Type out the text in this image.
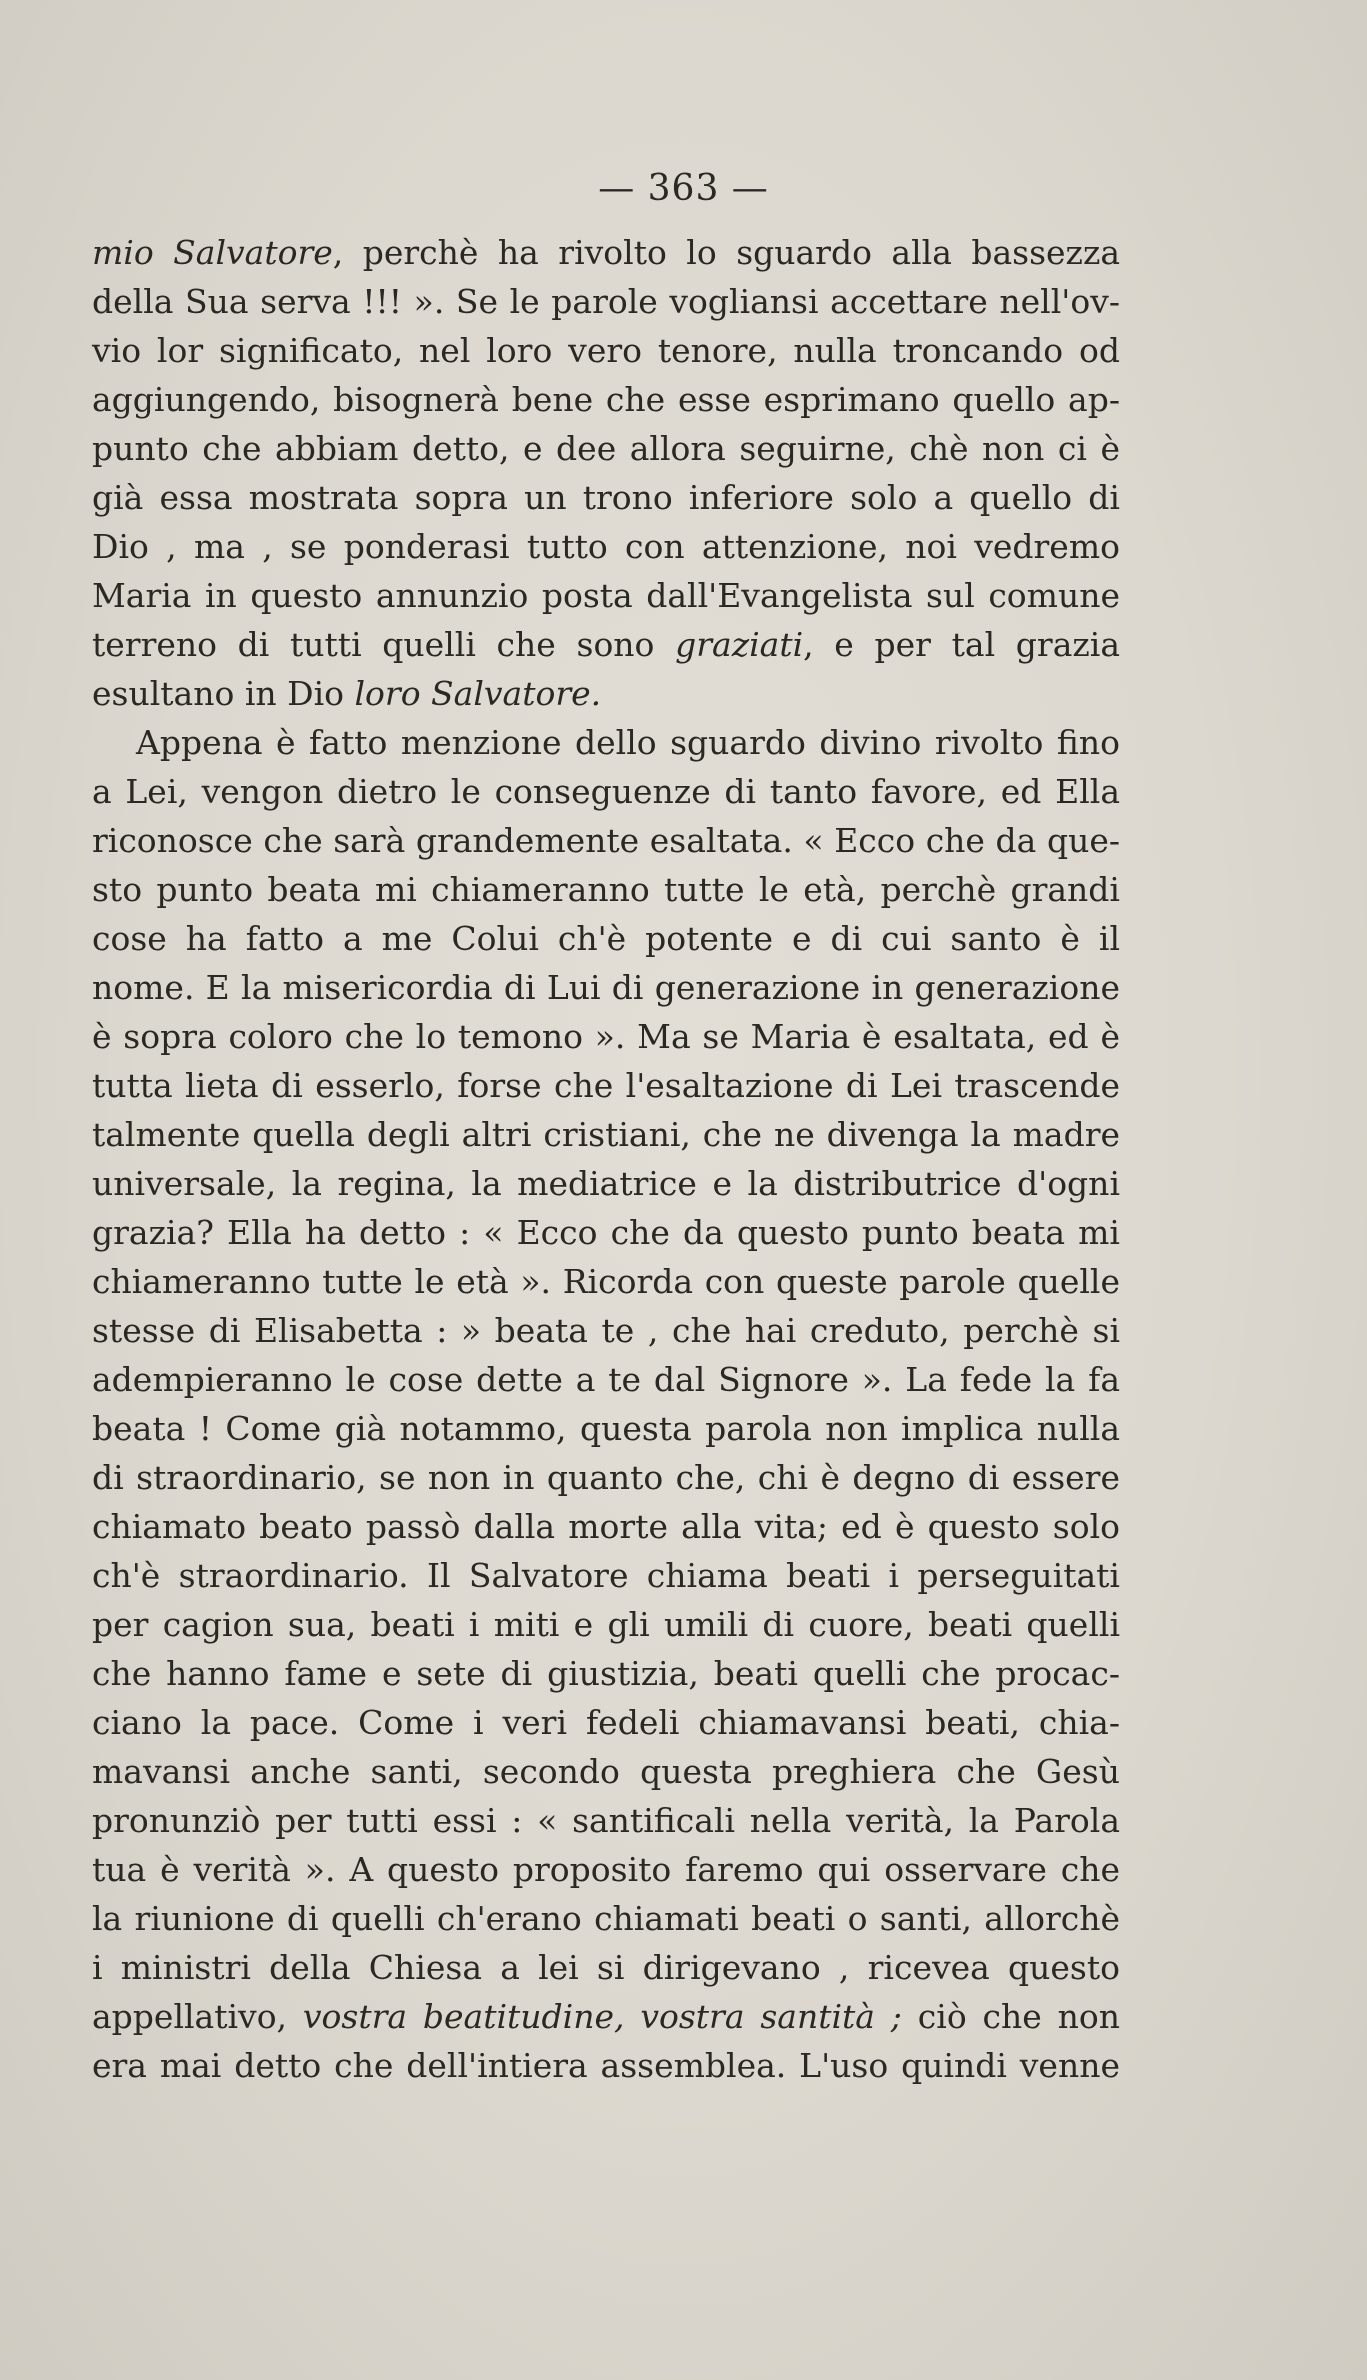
— 363 —
mio Salvatore, perchè ha rivolto lo sguardo alla bassezza
della Sua serva !!! ». Se le parole vogliansi accettare nell'ov-
vio lor significato, nel loro vero tenore, nulla troncando od
aggiungendo, bisognerà bene che esse esprimano quello ap-
punto che abbiam detto, e dee allora seguirne, chè non ci è
già essa mostrata sopra un trono inferiore solo a quello di
Dio , ma , se ponderasi tutto con attenzione, noi vedremo
Maria in questo annunzio posta dall'Evangelista sul comune
terreno di tutti quelli che sono graziati, e per tal grazia
esultano in Dio loro Salvatore.
Appena è fatto menzione dello sguardo divino rivolto fino
a Lei, vengon dietro le conseguenze di tanto favore, ed Ella
riconosce che sarà grandemente esaltata. « Ecco che da que-
sto punto beata mi chiameranno tutte le età, perchè grandi
cose ha fatto a me Colui ch'è potente e di cui santo è il
nome. E la misericordia di Lui di generazione in generazione
è sopra coloro che lo temono ». Ma se Maria è esaltata, ed è
tutta lieta di esserlo, forse che l'esaltazione di Lei trascende
talmente quella degli altri cristiani, che ne divenga la madre
universale, la regina, la mediatrice e la distributrice d'ogni
grazia? Ella ha detto : « Ecco che da questo punto beata mi
chiameranno tutte le età ». Ricorda con queste parole quelle
stesse di Elisabetta : » beata te , che hai creduto, perchè si
adempieranno le cose dette a te dal Signore ». La fede la fa
beata ! Come già notammo, questa parola non implica nulla
di straordinario, se non in quanto che, chi è degno di essere
chiamato beato passò dalla morte alla vita; ed è questo solo
ch'è straordinario. Il Salvatore chiama beati i perseguitati
per cagion sua, beati i miti e gli umili di cuore, beati quelli
che hanno fame e sete di giustizia, beati quelli che procac-
ciano la pace. Come i veri fedeli chiamavansi beati, chia-
mavansi anche santi, secondo questa preghiera che Gesù
pronunziò per tutti essi : « santificali nella verità, la Parola
tua è verità ». A questo proposito faremo qui osservare che
la riunione di quelli ch'erano chiamati beati o santi, allorchè
i ministri della Chiesa a lei si dirigevano , ricevea questo
appellativo, vostra beatitudine, vostra santità ; ciò che non
era mai detto che dell'intiera assemblea. L'uso quindi venne
